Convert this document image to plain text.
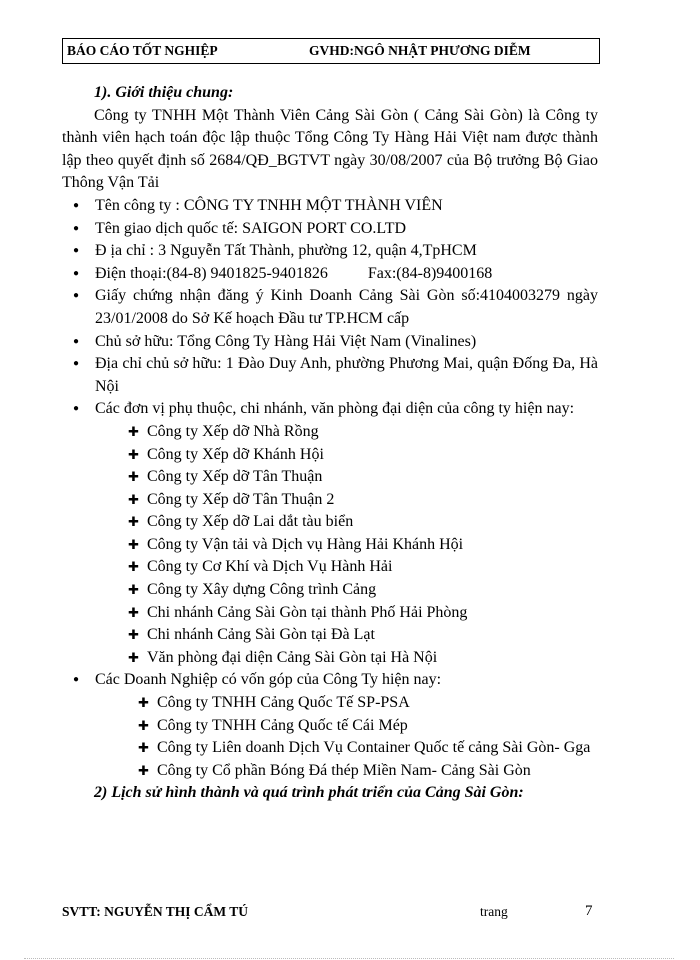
BÁO CÁO TỐT NGHIỆP	GVHD:NGÔ NHẬT PHƯƠNG DIỄM
1). Giới thiệu chung:
Công ty TNHH Một Thành Viên Cảng Sài Gòn ( Cảng Sài Gòn) là Công ty thành viên hạch toán độc lập thuộc Tổng Công Ty Hàng Hải Việt nam được thành lập theo quyết định số 2684/QĐ_BGTVT ngày 30/08/2007 của Bộ trưởng Bộ Giao Thông Vận Tải
● Tên công ty : CÔNG TY TNHH MỘT THÀNH VIÊN
● Tên giao dịch quốc tế: SAIGON PORT CO.LTD
● Đ ịa chỉ : 3 Nguyễn Tất Thành, phường 12, quận 4,TpHCM
● Điện thoại:(84-8) 9401825-9401826	Fax:(84-8)9400168
● Giấy chứng nhận đăng ý Kinh Doanh Cảng Sài Gòn số:4104003279 ngày 23/01/2008 do Sở Kế hoạch Đầu tư TP.HCM cấp
● Chủ sở hữu: Tổng Công Ty Hàng Hải Việt Nam (Vinalines)
● Địa chỉ chủ sở hữu: 1 Đào Duy Anh, phường Phương Mai, quận Đống Đa, Hà Nội
● Các đơn vị phụ thuộc, chi nhánh, văn phòng đại diện của công ty hiện nay:
✚ Công ty Xếp dỡ Nhà Rồng
✚ Công ty Xếp dỡ Khánh Hội
✚ Công ty Xếp dỡ Tân Thuận
✚ Công ty Xếp dỡ Tân Thuận 2
✚ Công ty Xếp dỡ Lai dắt tàu biển
✚ Công ty Vận tải và Dịch vụ Hàng Hải Khánh Hội
✚ Công ty Cơ Khí và Dịch Vụ Hành Hải
✚ Công ty Xây dựng Công trình Cảng
✚ Chi nhánh Cảng Sài Gòn tại thành Phố Hải Phòng
✚ Chi nhánh Cảng Sài Gòn tại Đà Lạt
✚ Văn phòng đại diện Cảng Sài Gòn tại Hà Nội
● Các Doanh Nghiệp có vốn góp của Công Ty hiện nay:
✚ Công ty TNHH Cảng Quốc Tế SP-PSA
✚ Công ty TNHH Cảng Quốc tế Cái Mép
✚ Công ty Liên doanh Dịch Vụ Container Quốc tế cảng Sài Gòn- Gga
✚ Công ty Cổ phần Bóng Đá thép Miền Nam- Cảng Sài Gòn
2) Lịch sử hình thành và quá trình phát triển của Cảng Sài Gòn:
SVTT: NGUYỄN THỊ CẨM TÚ	trang	7
